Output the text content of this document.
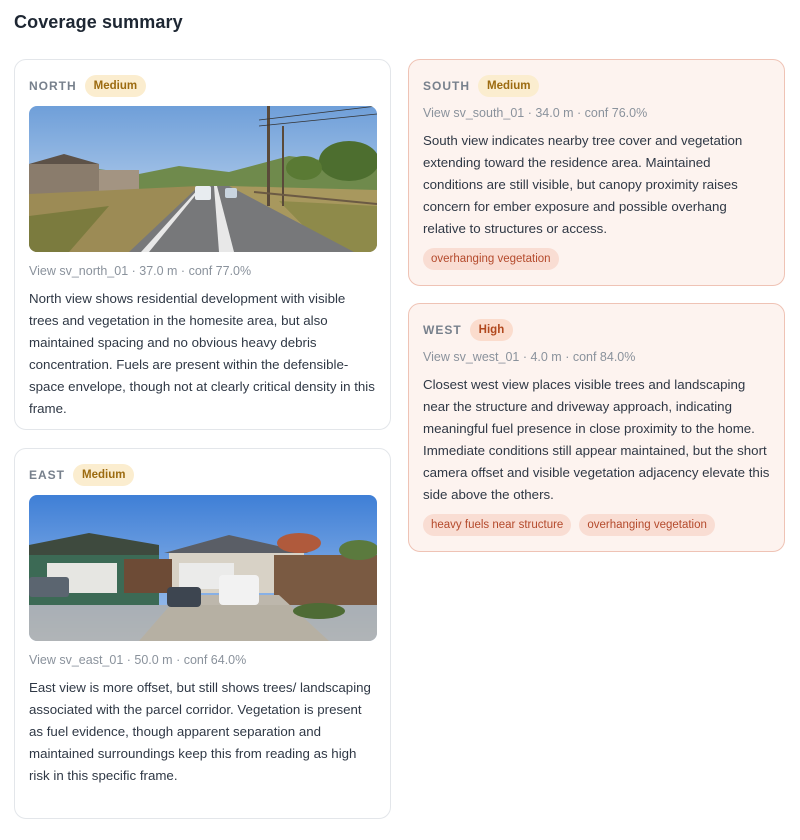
Coverage summary
NORTH	Medium
View sv_north_01 · 37.0 m · conf 77.0%
North view shows residential development with visible trees and vegetation in the homesite area, but also maintained spacing and no obvious heavy debris concentration. Fuels are present within the defensible-space envelope, though not at clearly critical density in this frame.
EAST	Medium
View sv_east_01 · 50.0 m · conf 64.0%
East view is more offset, but still shows trees/ landscaping associated with the parcel corridor. Vegetation is present as fuel evidence, though apparent separation and maintained surroundings keep this from reading as high risk in this specific frame.
SOUTH	Medium
View sv_south_01 · 34.0 m · conf 76.0%
South view indicates nearby tree cover and vegetation extending toward the residence area. Maintained conditions are still visible, but canopy proximity raises concern for ember exposure and possible overhang relative to structures or access.
overhanging vegetation
WEST	High
View sv_west_01 · 4.0 m · conf 84.0%
Closest west view places visible trees and landscaping near the structure and driveway approach, indicating meaningful fuel presence in close proximity to the home. Immediate conditions still appear maintained, but the short camera offset and visible vegetation adjacency elevate this side above the others.
heavy fuels near structure	overhanging vegetation
